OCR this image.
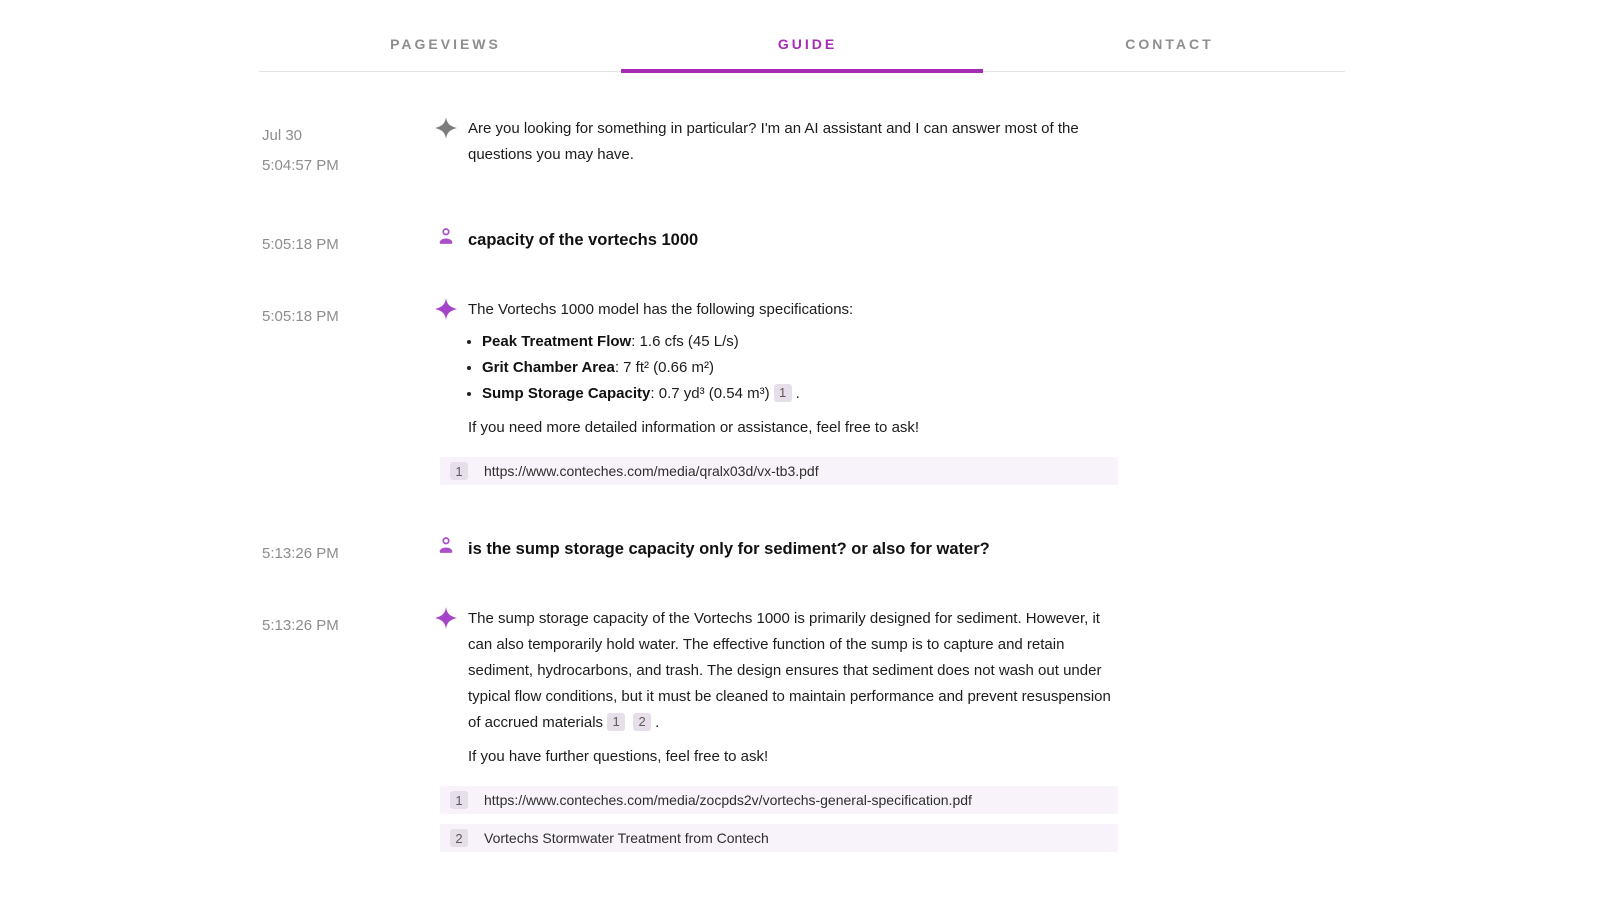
PAGEVIEWS	GUIDE	CONTACT
Jul 30
5:04:57 PM
Are you looking for something in particular? I'm an AI assistant and I can answer most of the questions you may have.
5:05:18 PM	capacity of the vortechs 1000
5:05:18 PM	The Vortechs 1000 model has the following specifications:
Peak Treatment Flow: 1.6 cfs (45 L/s)
Grit Chamber Area: 7 ft² (0.66 m²)
Sump Storage Capacity: 0.7 yd³ (0.54 m³) 1 .
If you need more detailed information or assistance, feel free to ask!
1	https://www.conteches.com/media/qralx03d/vx-tb3.pdf
5:13:26 PM	is the sump storage capacity only for sediment? or also for water?
5:13:26 PM	The sump storage capacity of the Vortechs 1000 is primarily designed for sediment. However, it can also temporarily hold water. The effective function of the sump is to capture and retain sediment, hydrocarbons, and trash. The design ensures that sediment does not wash out under typical flow conditions, but it must be cleaned to maintain performance and prevent resuspension of accrued materials 1 2 .
If you have further questions, feel free to ask!
1	https://www.conteches.com/media/zocpds2v/vortechs-general-specification.pdf
2	Vortechs Stormwater Treatment from Contech
